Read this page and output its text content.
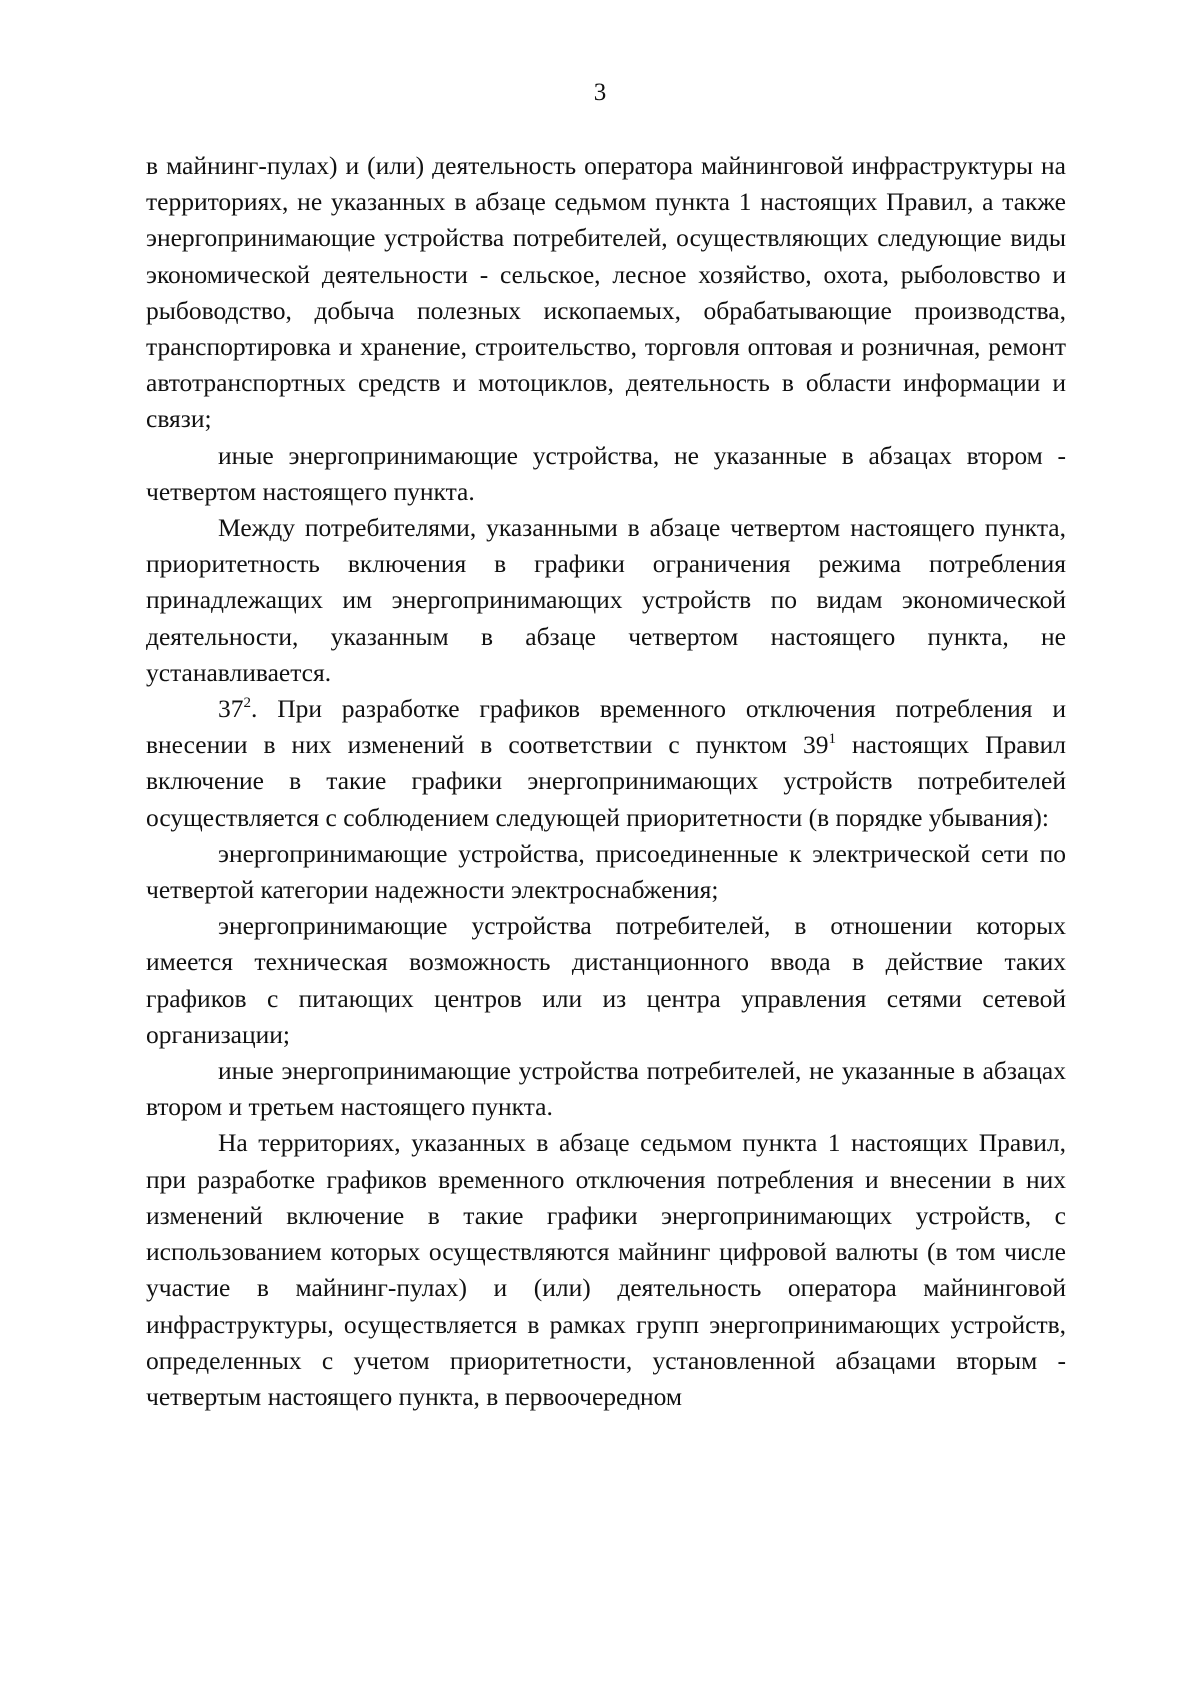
3

в майнинг-пулах) и (или) деятельность оператора майнинговой инфраструктуры на территориях, не указанных в абзаце седьмом пункта 1 настоящих Правил, а также энергопринимающие устройства потребителей, осуществляющих следующие виды экономической деятельности - сельское, лесное хозяйство, охота, рыболовство и рыбоводство, добыча полезных ископаемых, обрабатывающие производства, транспортировка и хранение, строительство, торговля оптовая и розничная, ремонт автотранспортных средств и мотоциклов, деятельность в области информации и связи;

иные энергопринимающие устройства, не указанные в абзацах втором - четвертом настоящего пункта.

Между потребителями, указанными в абзаце четвертом настоящего пункта, приоритетность включения в графики ограничения режима потребления принадлежащих им энергопринимающих устройств по видам экономической деятельности, указанным в абзаце четвертом настоящего пункта, не устанавливается.

$37^2$. При разработке графиков временного отключения потребления и внесении в них изменений в соответствии с пунктом $39^1$ настоящих Правил включение в такие графики энергопринимающих устройств потребителей осуществляется с соблюдением следующей приоритетности (в порядке убывания):

энергопринимающие устройства, присоединенные к электрической сети по четвертой категории надежности электроснабжения;

энергопринимающие устройства потребителей, в отношении которых имеется техническая возможность дистанционного ввода в действие таких графиков с питающих центров или из центра управления сетями сетевой организации;

иные энергопринимающие устройства потребителей, не указанные в абзацах втором и третьем настоящего пункта.

На территориях, указанных в абзаце седьмом пункта 1 настоящих Правил, при разработке графиков временного отключения потребления и внесении в них изменений включение в такие графики энергопринимающих устройств, с использованием которых осуществляются майнинг цифровой валюты (в том числе участие в майнинг-пулах) и (или) деятельность оператора майнинговой инфраструктуры, осуществляется в рамках групп энергопринимающих устройств, определенных с учетом приоритетности, установленной абзацами вторым - четвертым настоящего пункта, в первоочередном
